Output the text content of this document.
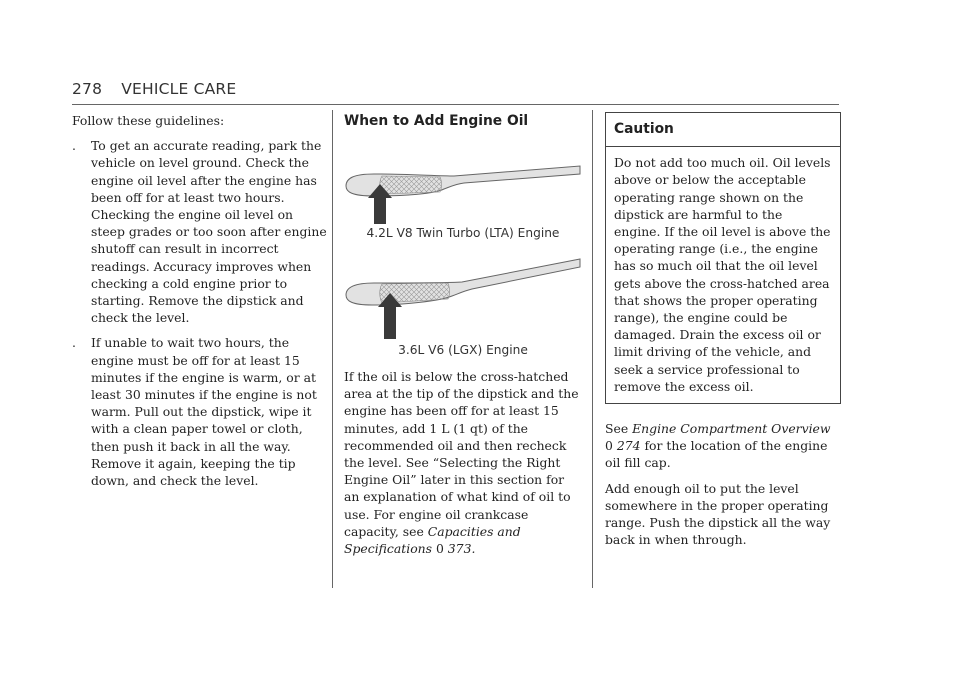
278 VEHICLE CARE

Follow these guidelines:

. To get an accurate reading, park the vehicle on level ground. Check the engine oil level after the engine has been off for at least two hours. Checking the engine oil level on steep grades or too soon after engine shutoff can result in incorrect readings. Accuracy improves when checking a cold engine prior to starting. Remove the dipstick and check the level.
. If unable to wait two hours, the engine must be off for at least 15 minutes if the engine is warm, or at least 30 minutes if the engine is not warm. Pull out the dipstick, wipe it with a clean paper towel or cloth, then push it back in all the way. Remove it again, keeping the tip down, and check the level.
When to Add Engine Oil
4.2L V8 Twin Turbo (LTA) Engine
3.6L V6 (LGX) Engine

If the oil is below the cross-hatched area at the tip of the dipstick and the engine has been off for at least 15 minutes, add 1 L (1 qt) of the recommended oil and then recheck the level. See “Selecting the Right Engine Oil” later in this section for an explanation of what kind of oil to use. For engine oil crankcase capacity, see Capacities and Specifications 0 373.

Caution
Do not add too much oil. Oil levels above or below the acceptable operating range shown on the dipstick are harmful to the engine. If the oil level is above the operating range (i.e., the engine has so much oil that the oil level gets above the cross-hatched area that shows the proper operating range), the engine could be damaged. Drain the excess oil or limit driving of the vehicle, and seek a service professional to remove the excess oil.

See Engine Compartment Overview
0 274 for the location of the engine oil fill cap.

Add enough oil to put the level somewhere in the proper operating range. Push the dipstick all the way back in when through.
